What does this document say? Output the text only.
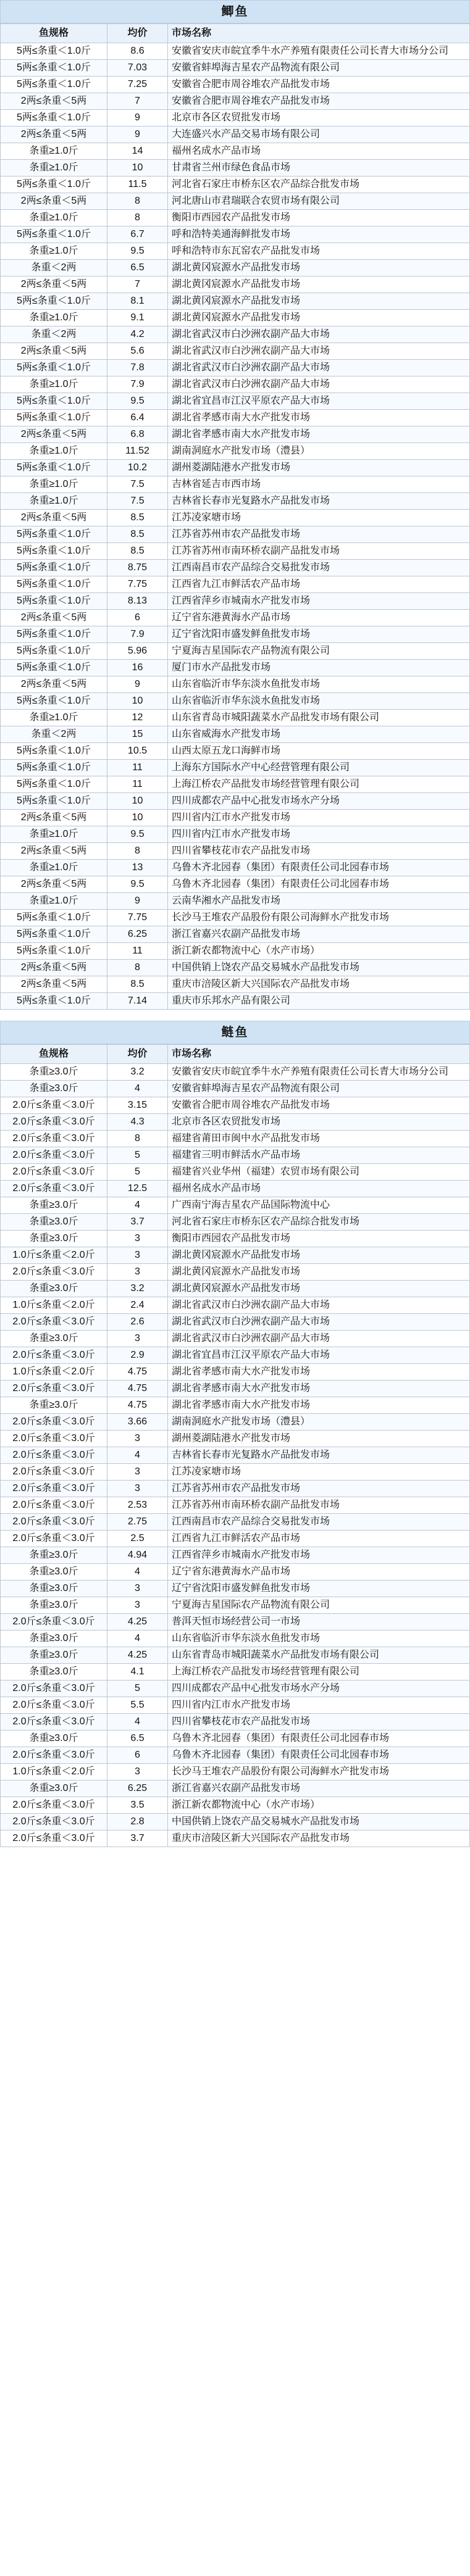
鲫鱼
鱼规格	均价	市场名称
5两≤条重＜1.0斤	8.6	安徽省安庆市皖宜季牛水产养殖有限责任公司长青大市场分公司
5两≤条重＜1.0斤	7.03	安徽省蚌埠海吉星农产品物流有限公司
5两≤条重＜1.0斤	7.25	安徽省合肥市周谷堆农产品批发市场
2两≤条重＜5两	7	安徽省合肥市周谷堆农产品批发市场
5两≤条重＜1.0斤	9	北京市各区农贸批发市场
2两≤条重＜5两	9	大连盛兴水产品交易市场有限公司
条重≥1.0斤	14	福州名成水产品市场
条重≥1.0斤	10	甘肃省兰州市绿色食品市场
5两≤条重＜1.0斤	11.5	河北省石家庄市桥东区农产品综合批发市场
2两≤条重＜5两	8	河北唐山市君瑞联合农贸市场有限公司
条重≥1.0斤	8	衡阳市西园农产品批发市场
5两≤条重＜1.0斤	6.7	呼和浩特美通海鲜批发市场
条重≥1.0斤	9.5	呼和浩特市东瓦窑农产品批发市场
条重＜2两	6.5	湖北黄冈宸源水产品批发市场
2两≤条重＜5两	7	湖北黄冈宸源水产品批发市场
5两≤条重＜1.0斤	8.1	湖北黄冈宸源水产品批发市场
条重≥1.0斤	9.1	湖北黄冈宸源水产品批发市场
条重＜2两	4.2	湖北省武汉市白沙洲农副产品大市场
2两≤条重＜5两	5.6	湖北省武汉市白沙洲农副产品大市场
5两≤条重＜1.0斤	7.8	湖北省武汉市白沙洲农副产品大市场
条重≥1.0斤	7.9	湖北省武汉市白沙洲农副产品大市场
5两≤条重＜1.0斤	9.5	湖北省宜昌市江汉平原农产品大市场
5两≤条重＜1.0斤	6.4	湖北省孝感市南大水产批发市场
2两≤条重＜5两	6.8	湖北省孝感市南大水产批发市场
条重≥1.0斤	11.52	湖南洞庭水产批发市场（澧县）
5两≤条重＜1.0斤	10.2	湖州菱湖陆港水产批发市场
条重≥1.0斤	7.5	吉林省延吉市西市场
条重≥1.0斤	7.5	吉林省长春市光复路水产品批发市场
2两≤条重＜5两	8.5	江苏凌家塘市场
5两≤条重＜1.0斤	8.5	江苏省苏州市农产品批发市场
5两≤条重＜1.0斤	8.5	江苏省苏州市南环桥农副产品批发市场
5两≤条重＜1.0斤	8.75	江西南昌市农产品综合交易批发市场
5两≤条重＜1.0斤	7.75	江西省九江市鲜活农产品市场
5两≤条重＜1.0斤	8.13	江西省萍乡市城南水产批发市场
2两≤条重＜5两	6	辽宁省东港黄海水产品市场
5两≤条重＜1.0斤	7.9	辽宁省沈阳市盛发鲜鱼批发市场
5两≤条重＜1.0斤	5.96	宁夏海吉星国际农产品物流有限公司
5两≤条重＜1.0斤	16	厦门市水产品批发市场
2两≤条重＜5两	9	山东省临沂市华东淡水鱼批发市场
5两≤条重＜1.0斤	10	山东省临沂市华东淡水鱼批发市场
条重≥1.0斤	12	山东省青岛市城阳蔬菜水产品批发市场有限公司
条重＜2两	15	山东省威海水产批发市场
5两≤条重＜1.0斤	10.5	山西太原五龙口海鲜市场
5两≤条重＜1.0斤	11	上海东方国际水产中心经营管理有限公司
5两≤条重＜1.0斤	11	上海江桥农产品批发市场经营管理有限公司
5两≤条重＜1.0斤	10	四川成都农产品中心批发市场水产分场
2两≤条重＜5两	10	四川省内江市水产批发市场
条重≥1.0斤	9.5	四川省内江市水产批发市场
2两≤条重＜5两	8	四川省攀枝花市农产品批发市场
条重≥1.0斤	13	乌鲁木齐北园春（集团）有限责任公司北园春市场
2两≤条重＜5两	9.5	乌鲁木齐北园春（集团）有限责任公司北园春市场
条重≥1.0斤	9	云南华湘水产品批发市场
5两≤条重＜1.0斤	7.75	长沙马王堆农产品股份有限公司海鲜水产批发市场
5两≤条重＜1.0斤	6.25	浙江省嘉兴农副产品批发市场
5两≤条重＜1.0斤	11	浙江新农都物流中心（水产市场）
2两≤条重＜5两	8	中国供销上饶农产品交易城水产品批发市场
2两≤条重＜5两	8.5	重庆市涪陵区新大兴国际农产品批发市场
5两≤条重＜1.0斤	7.14	重庆市乐邦水产品有限公司
鲢鱼
鱼规格	均价	市场名称
条重≥3.0斤	3.2	安徽省安庆市皖宜季牛水产养殖有限责任公司长青大市场分公司
条重≥3.0斤	4	安徽省蚌埠海吉星农产品物流有限公司
2.0斤≤条重＜3.0斤	3.15	安徽省合肥市周谷堆农产品批发市场
2.0斤≤条重＜3.0斤	4.3	北京市各区农贸批发市场
2.0斤≤条重＜3.0斤	8	福建省莆田市闽中水产品批发市场
2.0斤≤条重＜3.0斤	5	福建省三明市鲜活水产品市场
2.0斤≤条重＜3.0斤	5	福建省兴业华州（福建）农贸市场有限公司
2.0斤≤条重＜3.0斤	12.5	福州名成水产品市场
条重≥3.0斤	4	广西南宁海吉星农产品国际物流中心
条重≥3.0斤	3.7	河北省石家庄市桥东区农产品综合批发市场
条重≥3.0斤	3	衡阳市西园农产品批发市场
1.0斤≤条重＜2.0斤	3	湖北黄冈宸源水产品批发市场
2.0斤≤条重＜3.0斤	3	湖北黄冈宸源水产品批发市场
条重≥3.0斤	3.2	湖北黄冈宸源水产品批发市场
1.0斤≤条重＜2.0斤	2.4	湖北省武汉市白沙洲农副产品大市场
2.0斤≤条重＜3.0斤	2.6	湖北省武汉市白沙洲农副产品大市场
条重≥3.0斤	3	湖北省武汉市白沙洲农副产品大市场
2.0斤≤条重＜3.0斤	2.9	湖北省宜昌市江汉平原农产品大市场
1.0斤≤条重＜2.0斤	4.75	湖北省孝感市南大水产批发市场
2.0斤≤条重＜3.0斤	4.75	湖北省孝感市南大水产批发市场
条重≥3.0斤	4.75	湖北省孝感市南大水产批发市场
2.0斤≤条重＜3.0斤	3.66	湖南洞庭水产批发市场（澧县）
2.0斤≤条重＜3.0斤	3	湖州菱湖陆港水产批发市场
2.0斤≤条重＜3.0斤	4	吉林省长春市光复路水产品批发市场
2.0斤≤条重＜3.0斤	3	江苏凌家塘市场
2.0斤≤条重＜3.0斤	3	江苏省苏州市农产品批发市场
2.0斤≤条重＜3.0斤	2.53	江苏省苏州市南环桥农副产品批发市场
2.0斤≤条重＜3.0斤	2.75	江西南昌市农产品综合交易批发市场
2.0斤≤条重＜3.0斤	2.5	江西省九江市鲜活农产品市场
条重≥3.0斤	4.94	江西省萍乡市城南水产批发市场
条重≥3.0斤	4	辽宁省东港黄海水产品市场
条重≥3.0斤	3	辽宁省沈阳市盛发鲜鱼批发市场
条重≥3.0斤	3	宁夏海吉星国际农产品物流有限公司
2.0斤≤条重＜3.0斤	4.25	普洱天恒市场经营公司一市场
条重≥3.0斤	4	山东省临沂市华东淡水鱼批发市场
条重≥3.0斤	4.25	山东省青岛市城阳蔬菜水产品批发市场有限公司
条重≥3.0斤	4.1	上海江桥农产品批发市场经营管理有限公司
2.0斤≤条重＜3.0斤	5	四川成都农产品中心批发市场水产分场
2.0斤≤条重＜3.0斤	5.5	四川省内江市水产批发市场
2.0斤≤条重＜3.0斤	4	四川省攀枝花市农产品批发市场
条重≥3.0斤	6.5	乌鲁木齐北园春（集团）有限责任公司北园春市场
2.0斤≤条重＜3.0斤	6	乌鲁木齐北园春（集团）有限责任公司北园春市场
1.0斤≤条重＜2.0斤	3	长沙马王堆农产品股份有限公司海鲜水产批发市场
条重≥3.0斤	6.25	浙江省嘉兴农副产品批发市场
2.0斤≤条重＜3.0斤	3.5	浙江新农都物流中心（水产市场）
2.0斤≤条重＜3.0斤	2.8	中国供销上饶农产品交易城水产品批发市场
2.0斤≤条重＜3.0斤	3.7	重庆市涪陵区新大兴国际农产品批发市场
